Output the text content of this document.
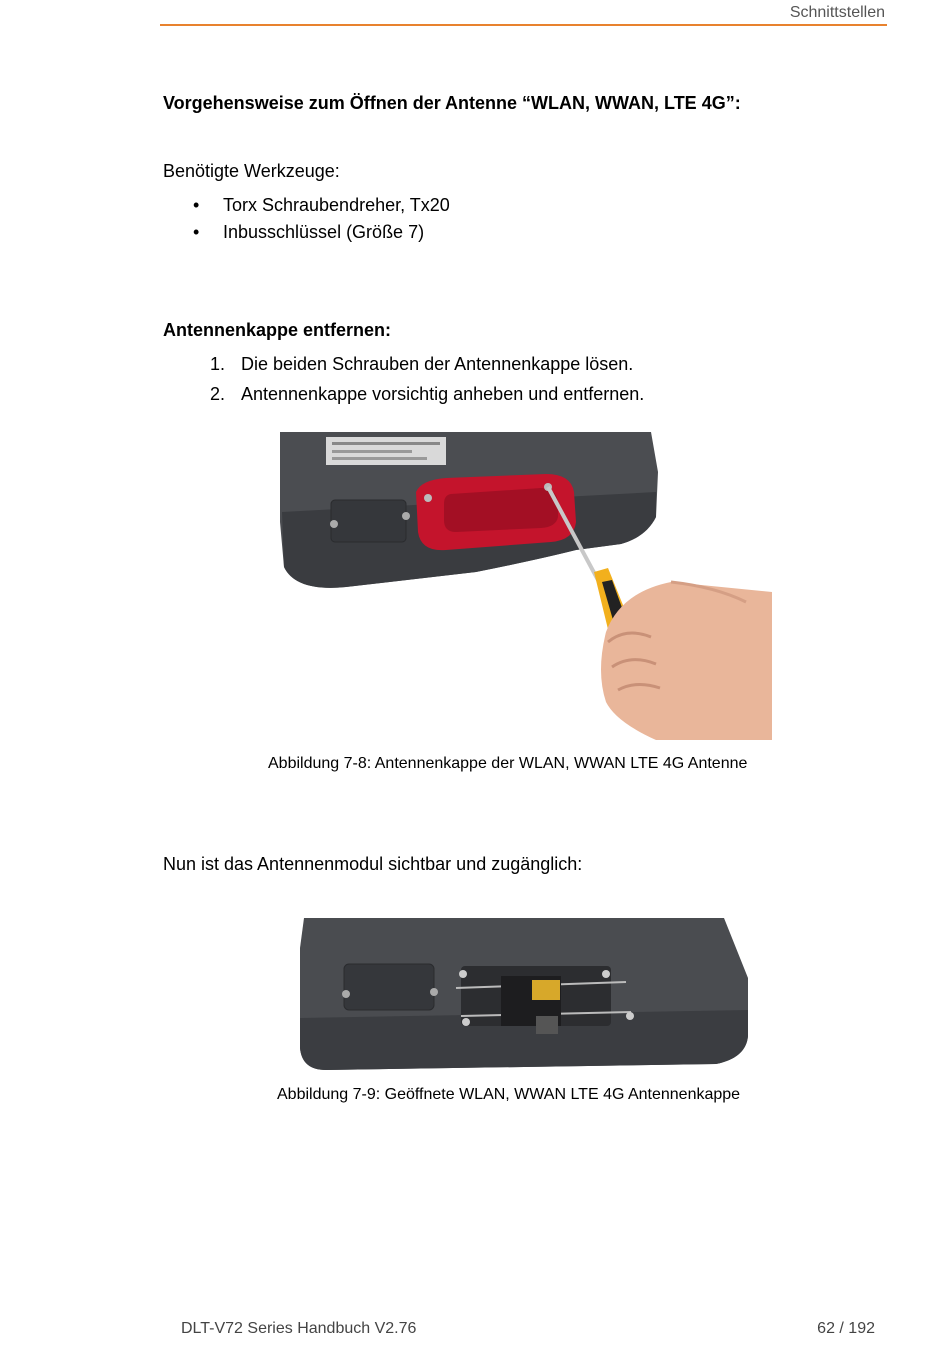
Schnittstellen
Vorgehensweise zum Öffnen der Antenne “WLAN, WWAN, LTE 4G”:
Benötigte Werkzeuge:
• Torx Schraubendreher, Tx20
• Inbusschlüssel (Größe 7)
Antennenkappe entfernen:
1. Die beiden Schrauben der Antennenkappe lösen.
2. Antennenkappe vorsichtig anheben und entfernen.
Abbildung 7-8: Antennenkappe der WLAN, WWAN LTE 4G Antenne
Nun ist das Antennenmodul sichtbar und zugänglich:
Abbildung 7-9: Geöffnete WLAN, WWAN LTE 4G Antennenkappe
DLT-V72 Series Handbuch V2.76	62 / 192
